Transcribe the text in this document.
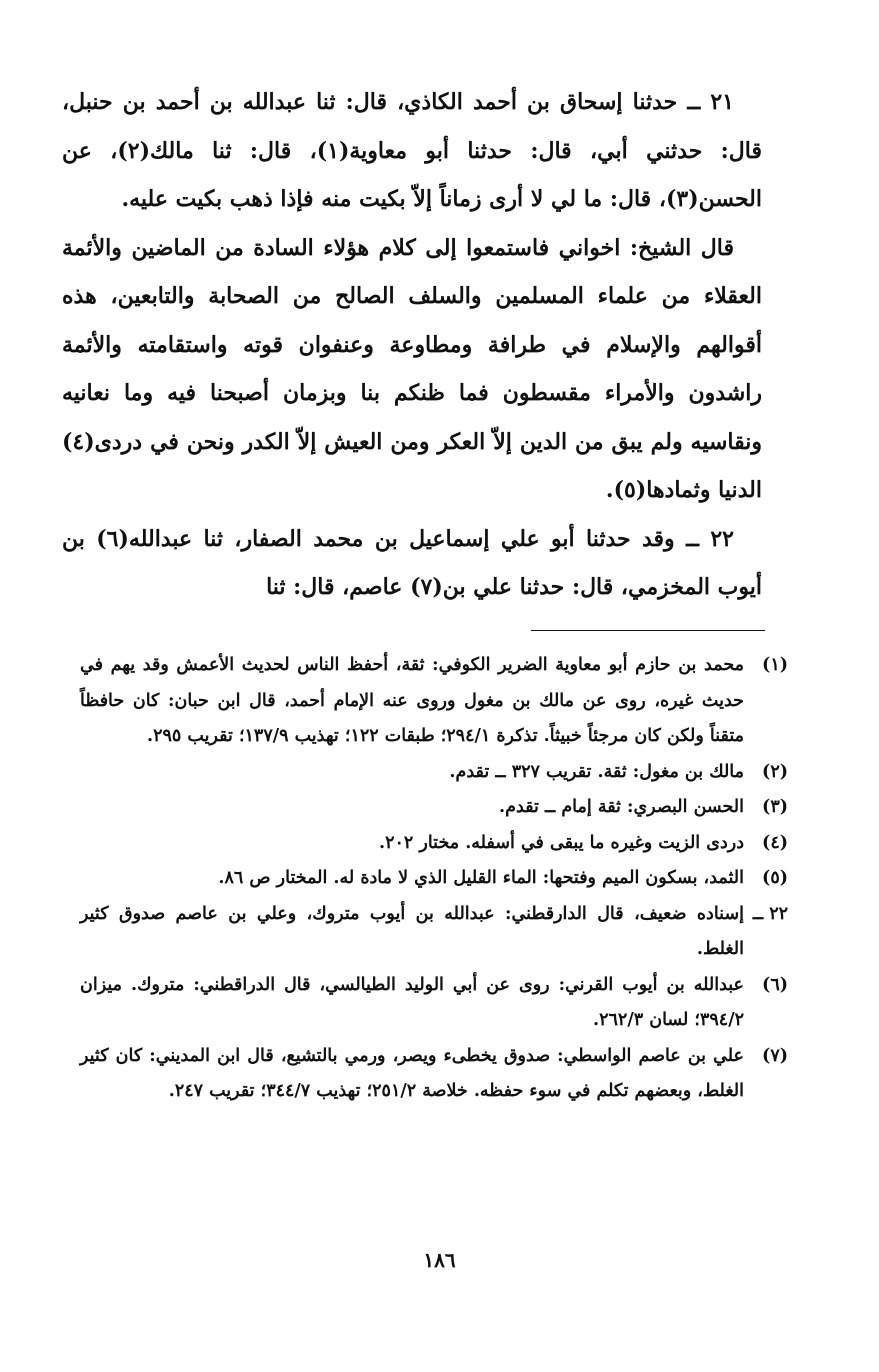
٢١ ــ حدثنا إسحاق بن أحمد الكاذي، قال: ثنا عبدالله بن أحمد بن حنبل، قال: حدثني أبي، قال: حدثنا أبو معاوية(١)، قال: ثنا مالك(٢)، عن الحسن(٣)، قال: ما لي لا أرى زماناً إلاّ بكيت منه فإذا ذهب بكيت عليه.

قال الشيخ: اخواني فاستمعوا إلى كلام هؤلاء السادة من الماضين والأئمة العقلاء من علماء المسلمين والسلف الصالح من الصحابة والتابعين، هذه أقوالهم والإسلام في طرافة ومطاوعة وعنفوان قوته واستقامته والأئمة راشدون والأمراء مقسطون فما ظنكم بنا وبزمان أصبحنا فيه وما نعانيه ونقاسيه ولم يبق من الدين إلاّ العكر ومن العيش إلاّ الكدر ونحن في دردى(٤) الدنيا وثمادها(٥).

٢٢ ــ وقد حدثنا أبو علي إسماعيل بن محمد الصفار، ثنا عبدالله(٦) بن أيوب المخزمي، قال: حدثنا علي بن(٧) عاصم، قال: ثنا

(١)
محمد بن حازم أبو معاوية الضرير الكوفي: ثقة، أحفظ الناس لحديث الأعمش وقد يهم في حديث غيره، روى عن مالك بن مغول وروى عنه الإمام أحمد، قال ابن حبان: كان حافظاً متقناً ولكن كان مرجئاً خبيثاً. تذكرة ٢٩٤/١؛ طبقات ١٢٢؛ تهذيب ١٣٧/٩؛ تقريب ٢٩٥.
(٢)
مالك بن مغول: ثقة. تقريب ٣٢٧ ــ تقدم.
(٣)
الحسن البصري: ثقة إمام ــ تقدم.
(٤)
دردى الزيت وغيره ما يبقى في أسفله. مختار ٢٠٢.
(٥)
الثمد، بسكون الميم وفتحها: الماء القليل الذي لا مادة له. المختار ص ٨٦.
٢٢ ــ
إسناده ضعيف، قال الدارقطني: عبدالله بن أيوب متروك، وعلي بن عاصم صدوق كثير الغلط.
(٦)
عبدالله بن أيوب القرني: روى عن أبي الوليد الطيالسي، قال الدراقطني: متروك. ميزان ٣٩٤/٢؛ لسان ٢٦٢/٣.
(٧)
علي بن عاصم الواسطي: صدوق يخطىء ويصر، ورمي بالتشيع، قال ابن المديني: كان كثير الغلط، وبعضهم تكلم في سوء حفظه. خلاصة ٢٥١/٢؛ تهذيب ٣٤٤/٧؛ تقريب ٢٤٧.
١٨٦
